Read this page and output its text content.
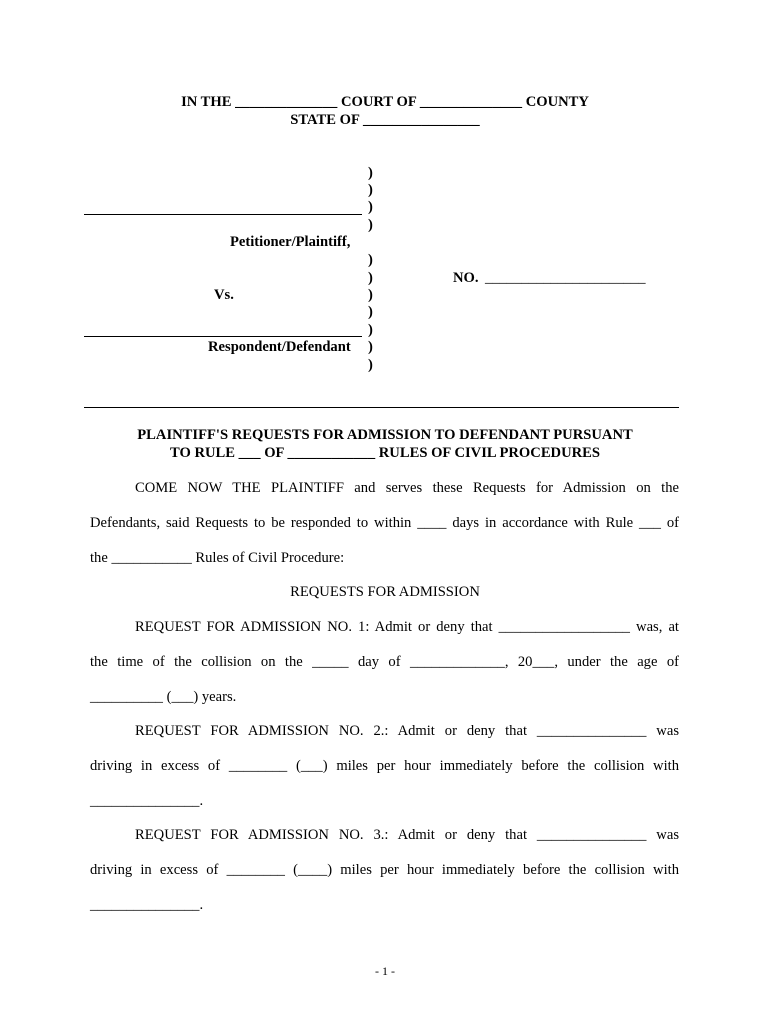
IN THE ______________ COURT OF ______________ COUNTY
STATE OF ________________
)
)
)
)
)
)
)
)
)
)
)
Petitioner/Plaintiff,
Vs.
Respondent/Defendant
NO. ______________________
PLAINTIFF'S REQUESTS FOR ADMISSION TO DEFENDANT PURSUANT
TO RULE ___ OF ____________ RULES OF CIVIL PROCEDURES
COME NOW THE PLAINTIFF and serves these Requests for Admission on the
Defendants, said Requests to be responded to within ____ days in accordance with Rule ___ of
the ___________ Rules of Civil Procedure:
REQUESTS FOR ADMISSION
REQUEST FOR ADMISSION NO. 1: Admit or deny that __________________ was, at
the time of the collision on the _____ day of _____________, 20___, under the age of
__________ (___) years.
REQUEST FOR ADMISSION NO. 2.: Admit or deny that _______________ was
driving in excess of ________ (___) miles per hour immediately before the collision with
_______________.
REQUEST FOR ADMISSION NO. 3.: Admit or deny that _______________ was
driving in excess of ________ (____) miles per hour immediately before the collision with
_______________.
- 1 -
